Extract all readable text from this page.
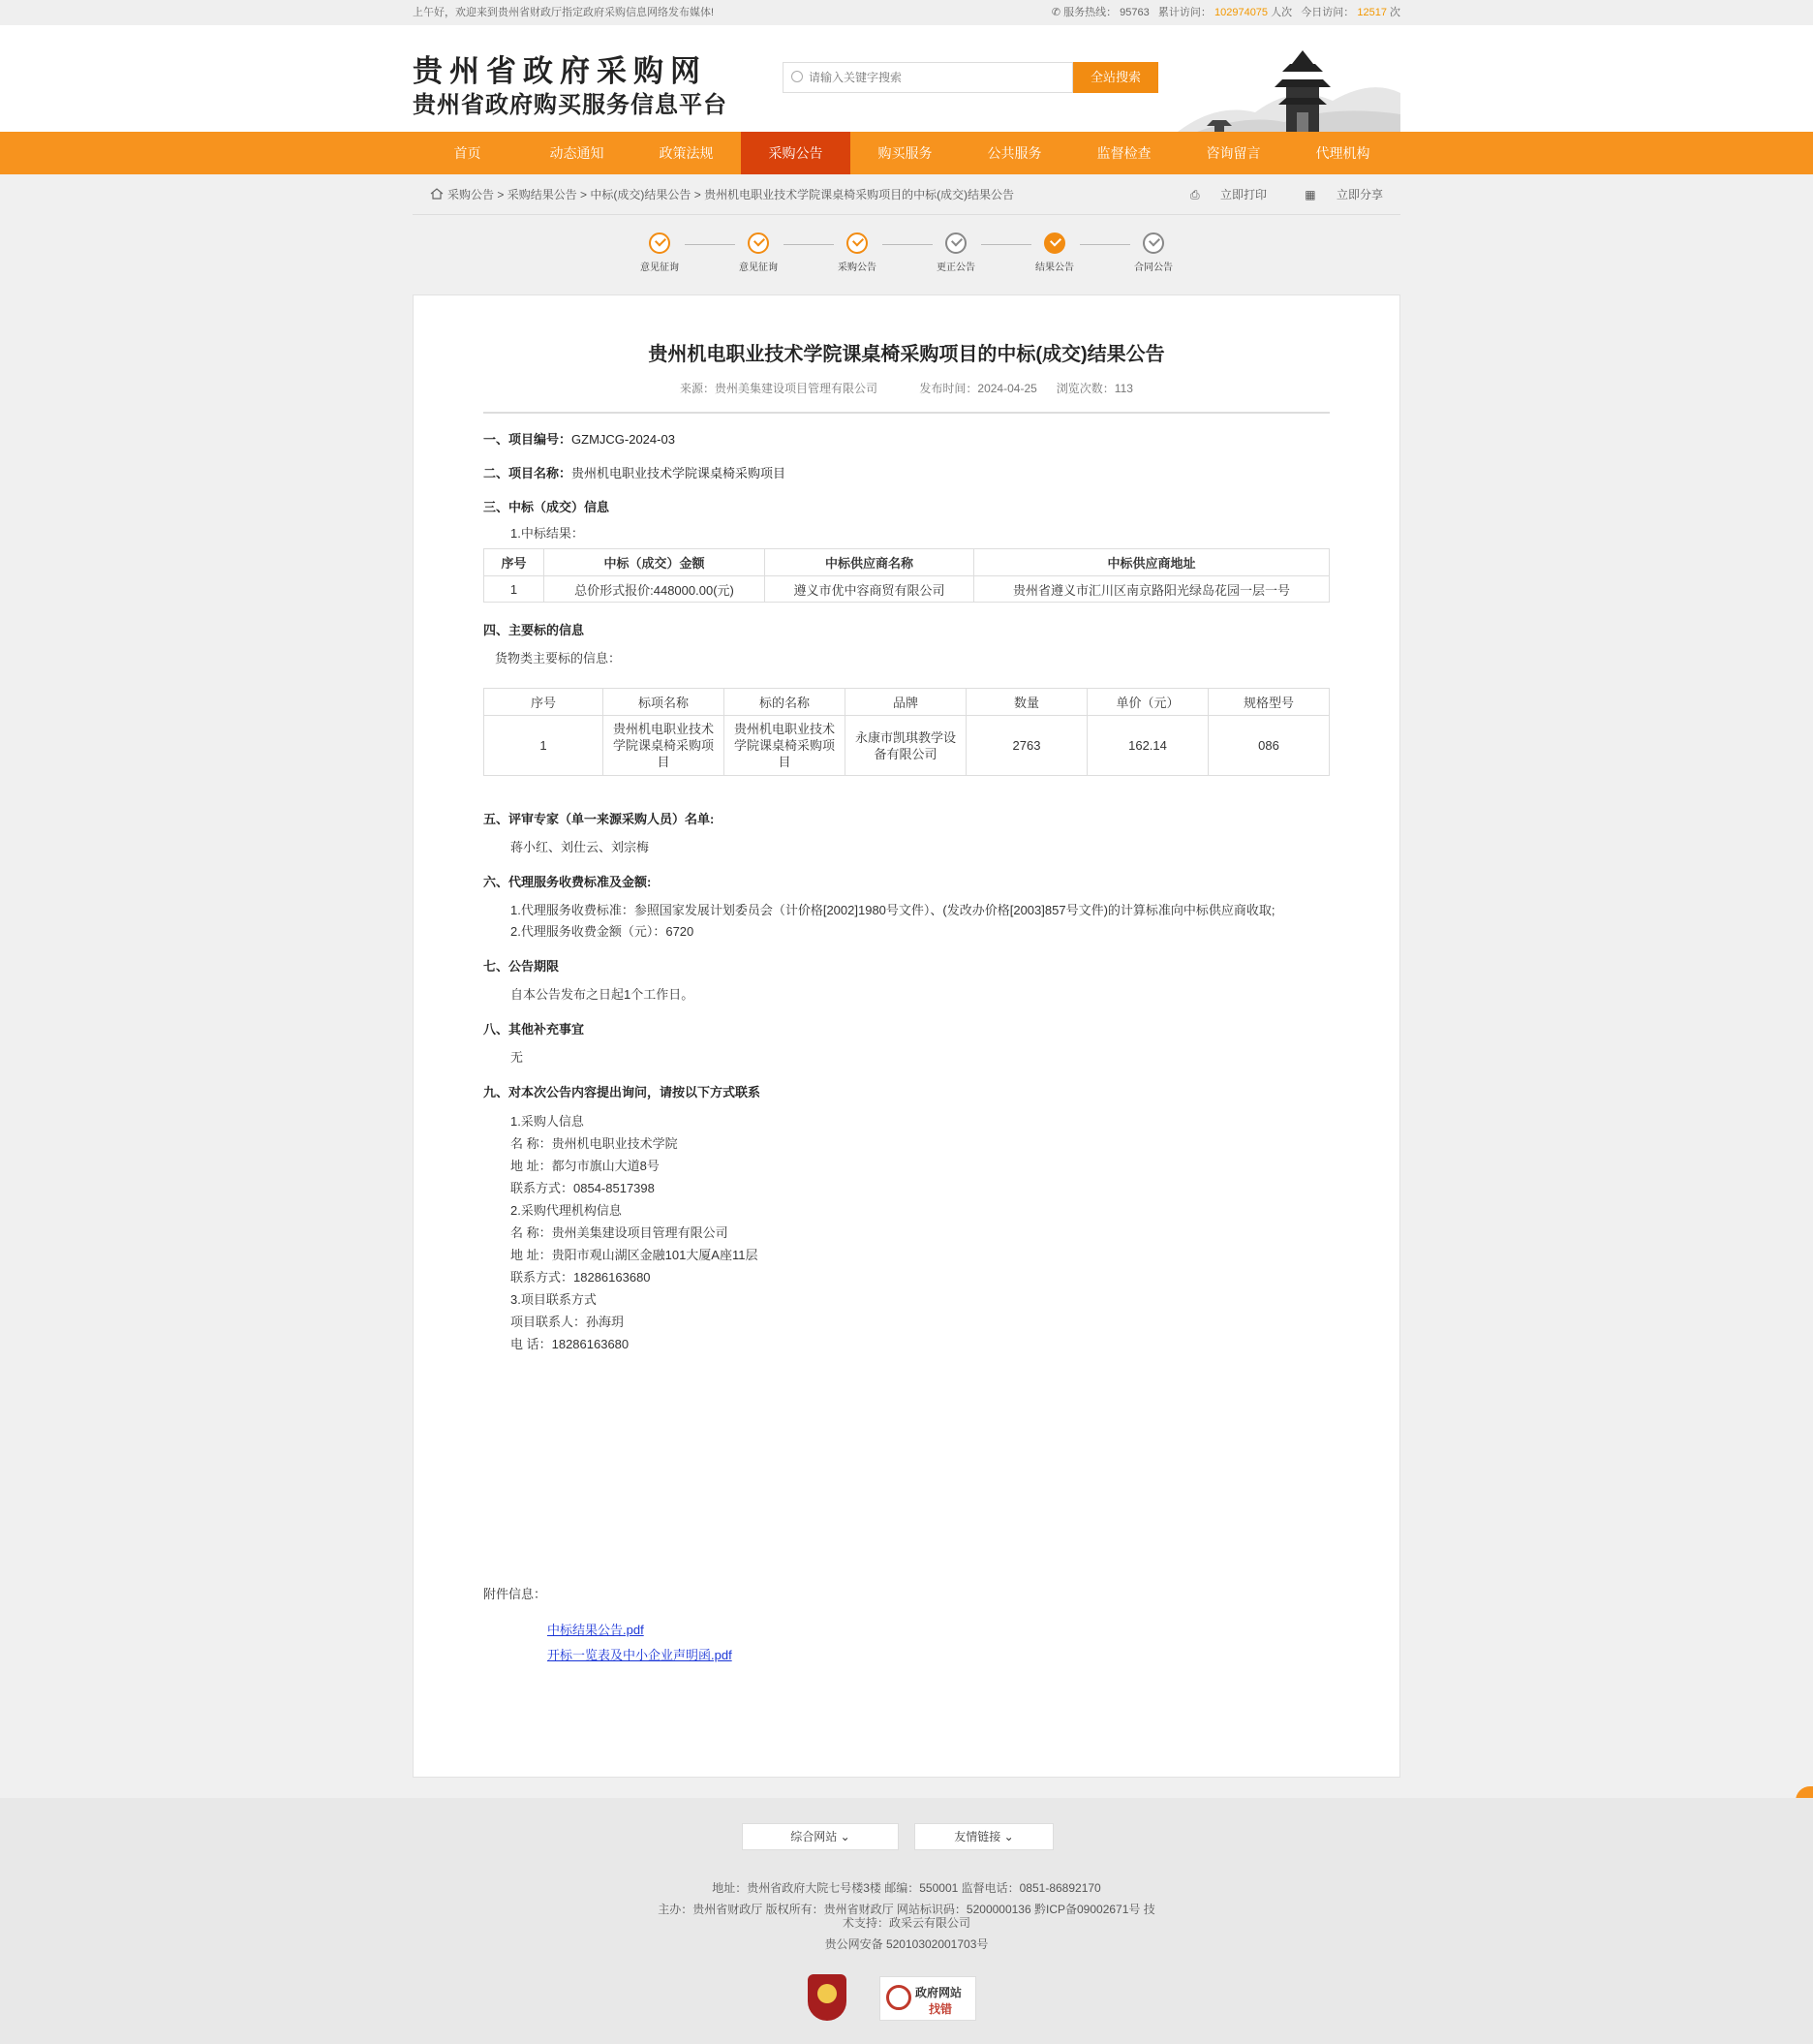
上午好，欢迎来到贵州省财政厅指定政府采购信息网络发布媒体!	✆ 服务热线： 95763 累计访问： 102974075 人次 今日访问： 12517 次
贵州省政府采购网
贵州省政府购买服务信息平台
请输入关键字搜索
全站搜索
首页	动态通知	政策法规	采购公告	购买服务	公共服务	监督检查	咨询留言	代理机构
采购公告 > 采购结果公告 > 中标(成交)结果公告 > 贵州机电职业技术学院课桌椅采购项目的中标(成交)结果公告	⎙ 立即打印	▦ 立即分享
意见征询	意见征询	采购公告	更正公告	结果公告	合同公告
贵州机电职业技术学院课桌椅采购项目的中标(成交)结果公告
来源：贵州美集建设项目管理有限公司	发布时间：2024-04-25 浏览次数：113
一、项目编号：GZMJCG-2024-03
二、项目名称：贵州机电职业技术学院课桌椅采购项目
三、中标（成交）信息
1.中标结果：
序号	中标（成交）金额	中标供应商名称	中标供应商地址
1	总价形式报价:448000.00(元)	遵义市优中容商贸有限公司	贵州省遵义市汇川区南京路阳光绿岛花园一层一号
四、主要标的信息
货物类主要标的信息：
序号	标项名称	标的名称	品牌	数量	单价（元）	规格型号
1	贵州机电职业技术学院课桌椅采购项目	贵州机电职业技术学院课桌椅采购项目	永康市凯琪教学设备有限公司	2763	162.14	086
五、评审专家（单一来源采购人员）名单:
蒋小红、刘仕云、刘宗梅
六、代理服务收费标准及金额:
1.代理服务收费标准：参照国家发展计划委员会（计价格[2002]1980号文件）、(发改办价格[2003]857号文件)的计算标准向中标供应商收取;
2.代理服务收费金额（元）：6720
七、公告期限
自本公告发布之日起1个工作日。
八、其他补充事宜
无
九、对本次公告内容提出询问，请按以下方式联系
1.采购人信息
名 称：贵州机电职业技术学院
地 址：都匀市旗山大道8号
联系方式：0854-8517398
2.采购代理机构信息
名 称：贵州美集建设项目管理有限公司
地 址：贵阳市观山湖区金融101大厦A座11层
联系方式：18286163680
3.项目联系方式
项目联系人：孙海玥
电 话：18286163680
附件信息：
中标结果公告.pdf
开标一览表及中小企业声明函.pdf
综合网站 ⌄	友情链接 ⌄
地址：贵州省政府大院七号楼3楼 邮编：550001 监督电话：0851-86892170
主办：贵州省财政厅 版权所有：贵州省财政厅 网站标识码：5200000136 黔ICP备09002671号 技
术支持：政采云有限公司
贵公网安备 52010302001703号
政府网站
找错
